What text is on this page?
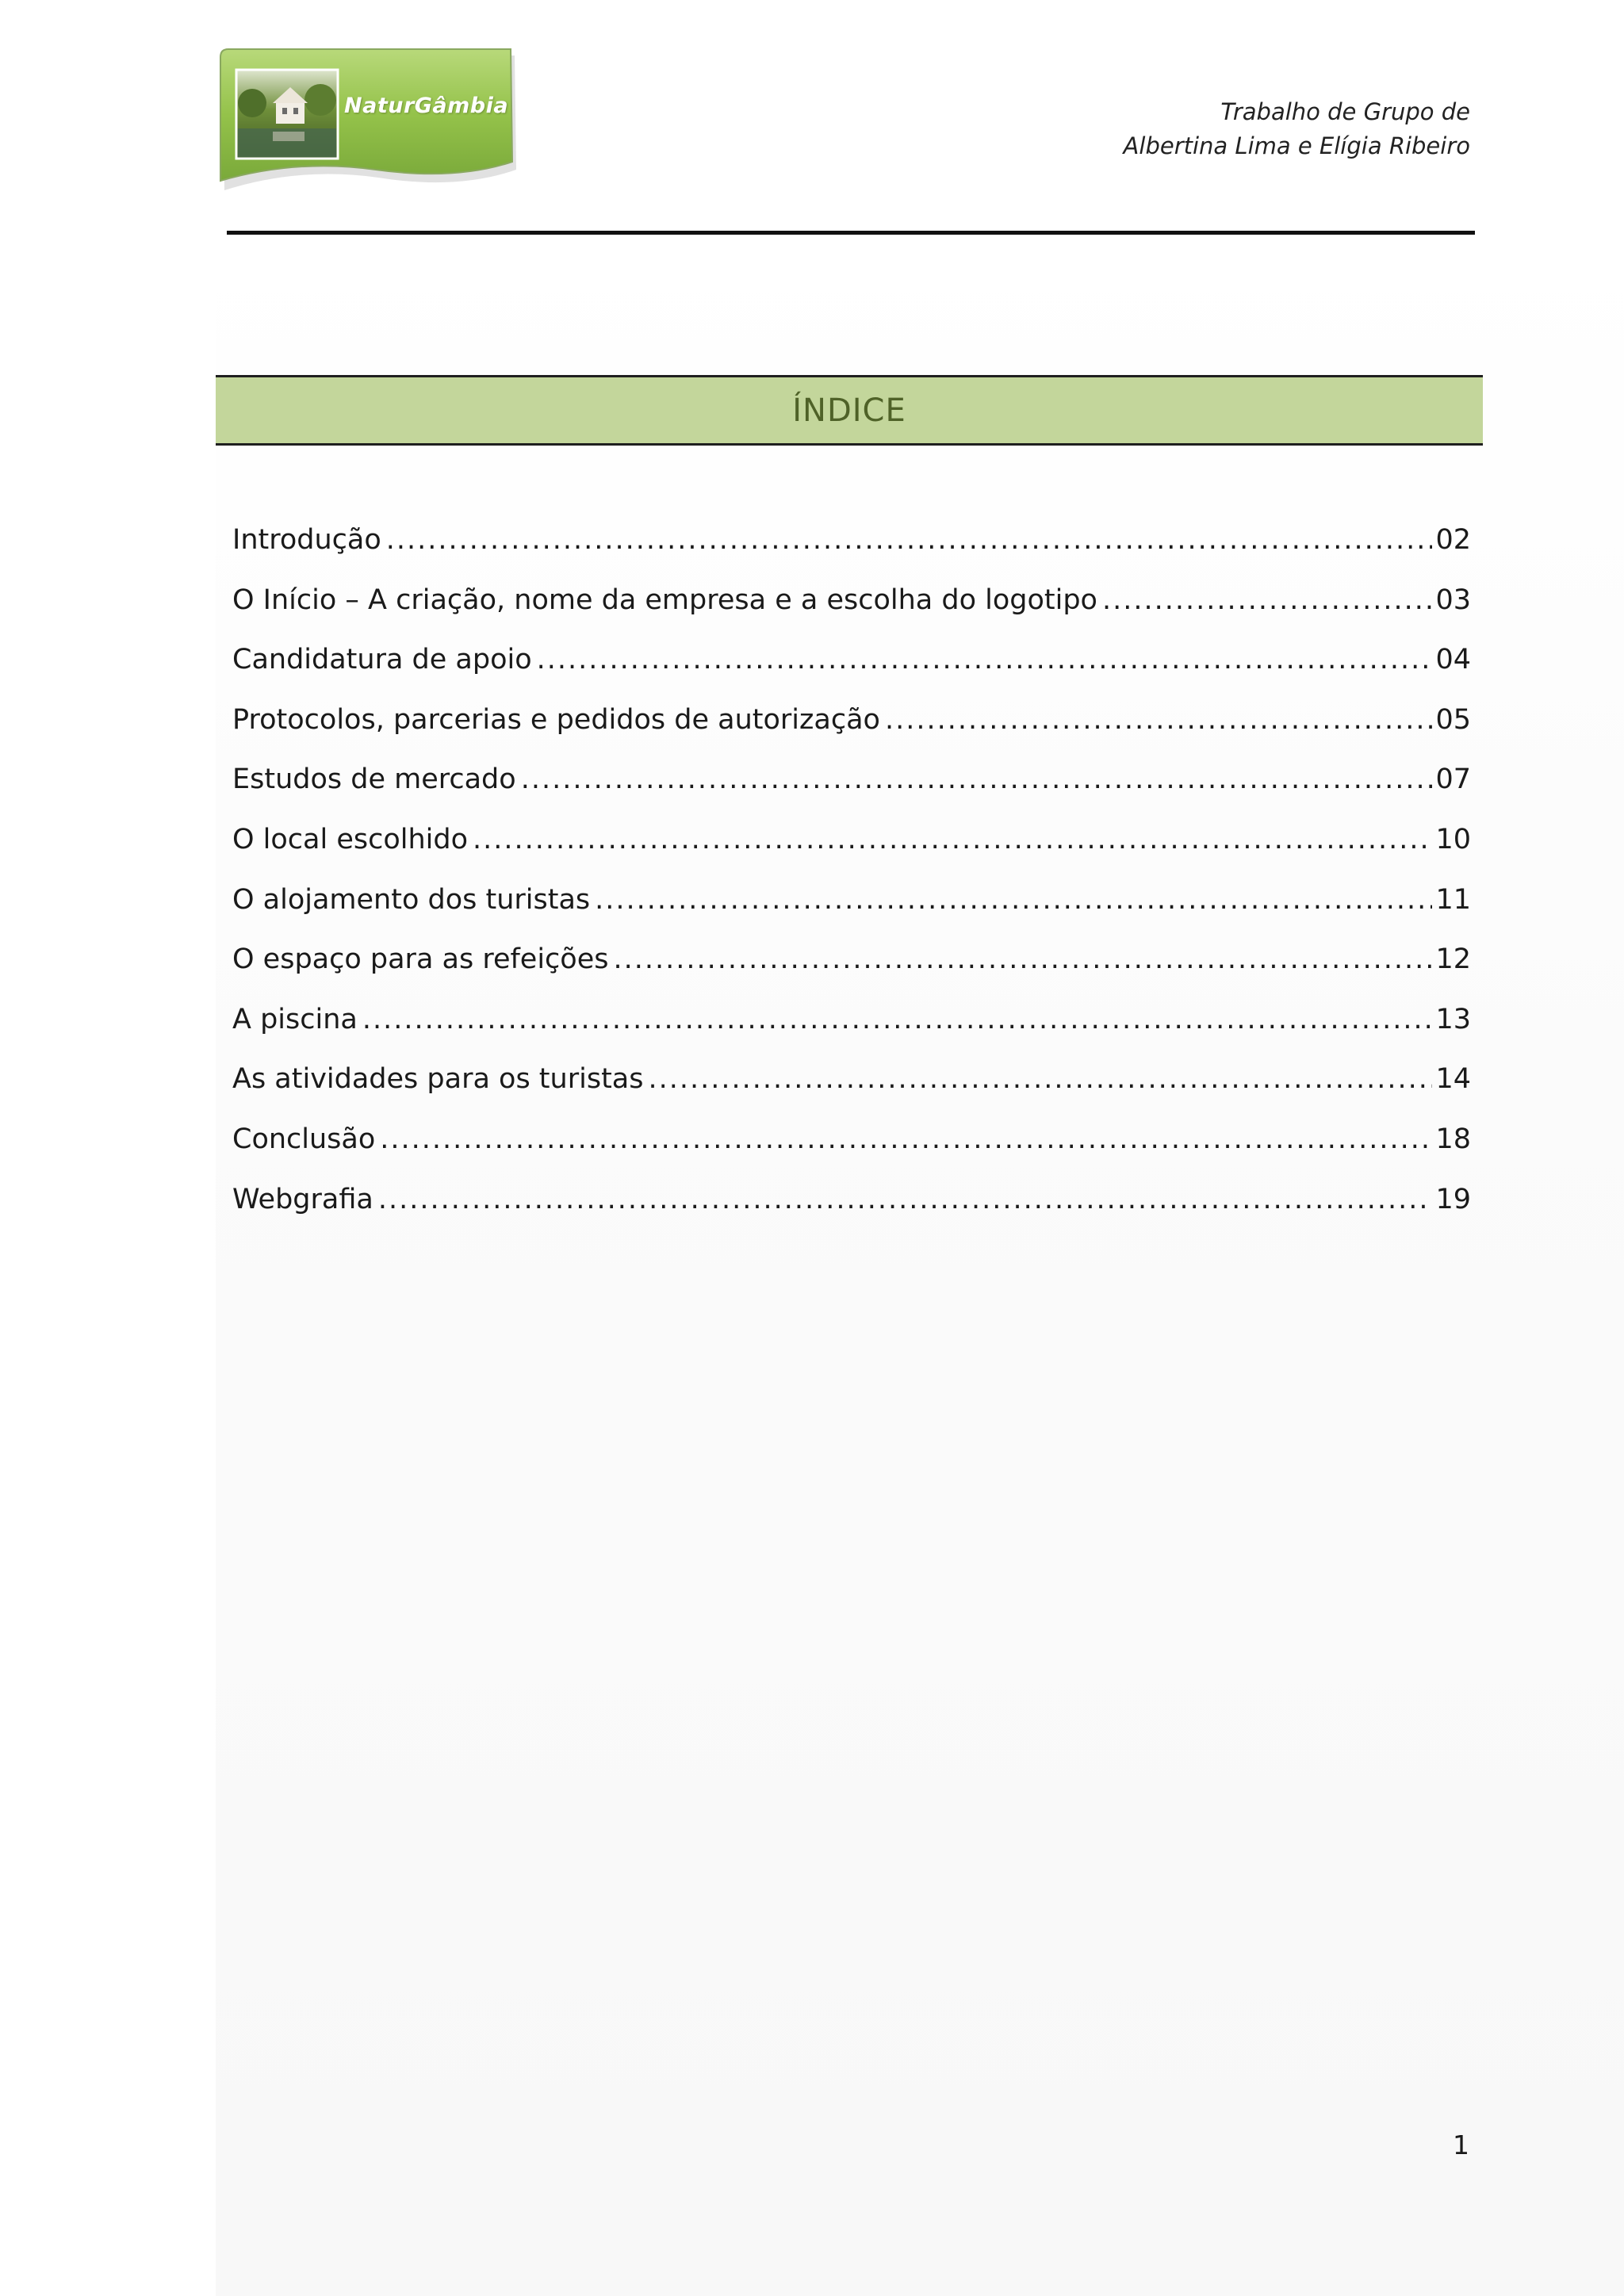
NaturGâmbia	Trabalho de Grupo de
Albertina Lima e Elígia Ribeiro
ÍNDICE
Introdução .....	02
O Início – A criação, nome da empresa e a escolha do logotipo .....	03
Candidatura de apoio .....	04
Protocolos, parcerias e pedidos de autorização .....	05
Estudos de mercado .....	07
O local escolhido .....	10
O alojamento dos turistas .....	11
O espaço para as refeições .....	12
A piscina .....	13
As atividades para os turistas .....	14
Conclusão .....	18
Webgrafia .....	19
1
